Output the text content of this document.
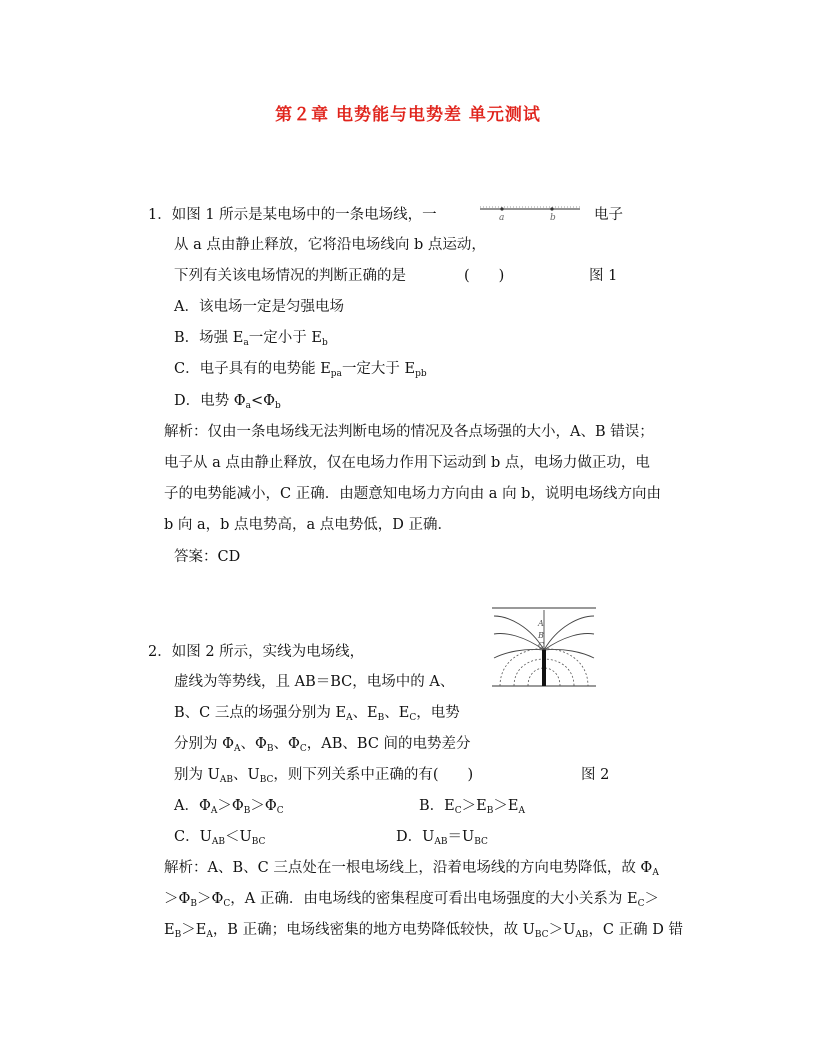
第２章 电势能与电势差 单元测试
1．如图 1 所示是某电场中的一条电场线，一	a	b	电子
从 a 点由静止释放，它将沿电场线向 b 点运动，
下列有关该电场情况的判断正确的是	(　　)	图 1
A．该电场一定是匀强电场
B．场强 $E_a$一定小于 $E_b$
C．电子具有的电势能 $E_{pa}$一定大于 $E_{pb}$
D．电势 $\Phi_a<\Phi_b$
解析：仅由一条电场线无法判断电场的情况及各点场强的大小，A、B 错误；
电子从 a 点由静止释放，仅在电场力作用下运动到 b 点，电场力做正功，电
子的电势能减小，C 正确．由题意知电场力方向由 a 向 b，说明电场线方向由
b 向 a，b 点电势高，a 点电势低，D 正确．
答案：CD
2．如图 2 所示，实线为电场线，
A
B
C
虚线为等势线，且 AB＝BC，电场中的 A、
B、C 三点的场强分别为 $E_A$、$E_B$、$E_C$，电势
分别为 $\Phi_A$、$\Phi_B$、$\Phi_C$，AB、BC 间的电势差分
别为 $U_{AB}$、$U_{BC}$，则下列关系中正确的有(　　)	图 2
A．$\Phi_A>\Phi_B>\Phi_C$	B．$E_C>E_B>E_A$
C．$U_{AB}<U_{BC}$	D．$U_{AB}=U_{BC}$
解析：A、B、C 三点处在一根电场线上，沿着电场线的方向电势降低，故 $\Phi_A$
$>\Phi_B>\Phi_C$，A 正确．由电场线的密集程度可看出电场强度的大小关系为 $E_C>$
$E_B>E_A$，B 正确；电场线密集的地方电势降低较快，故 $U_{BC}>U_{AB}$，C 正确 D 错
